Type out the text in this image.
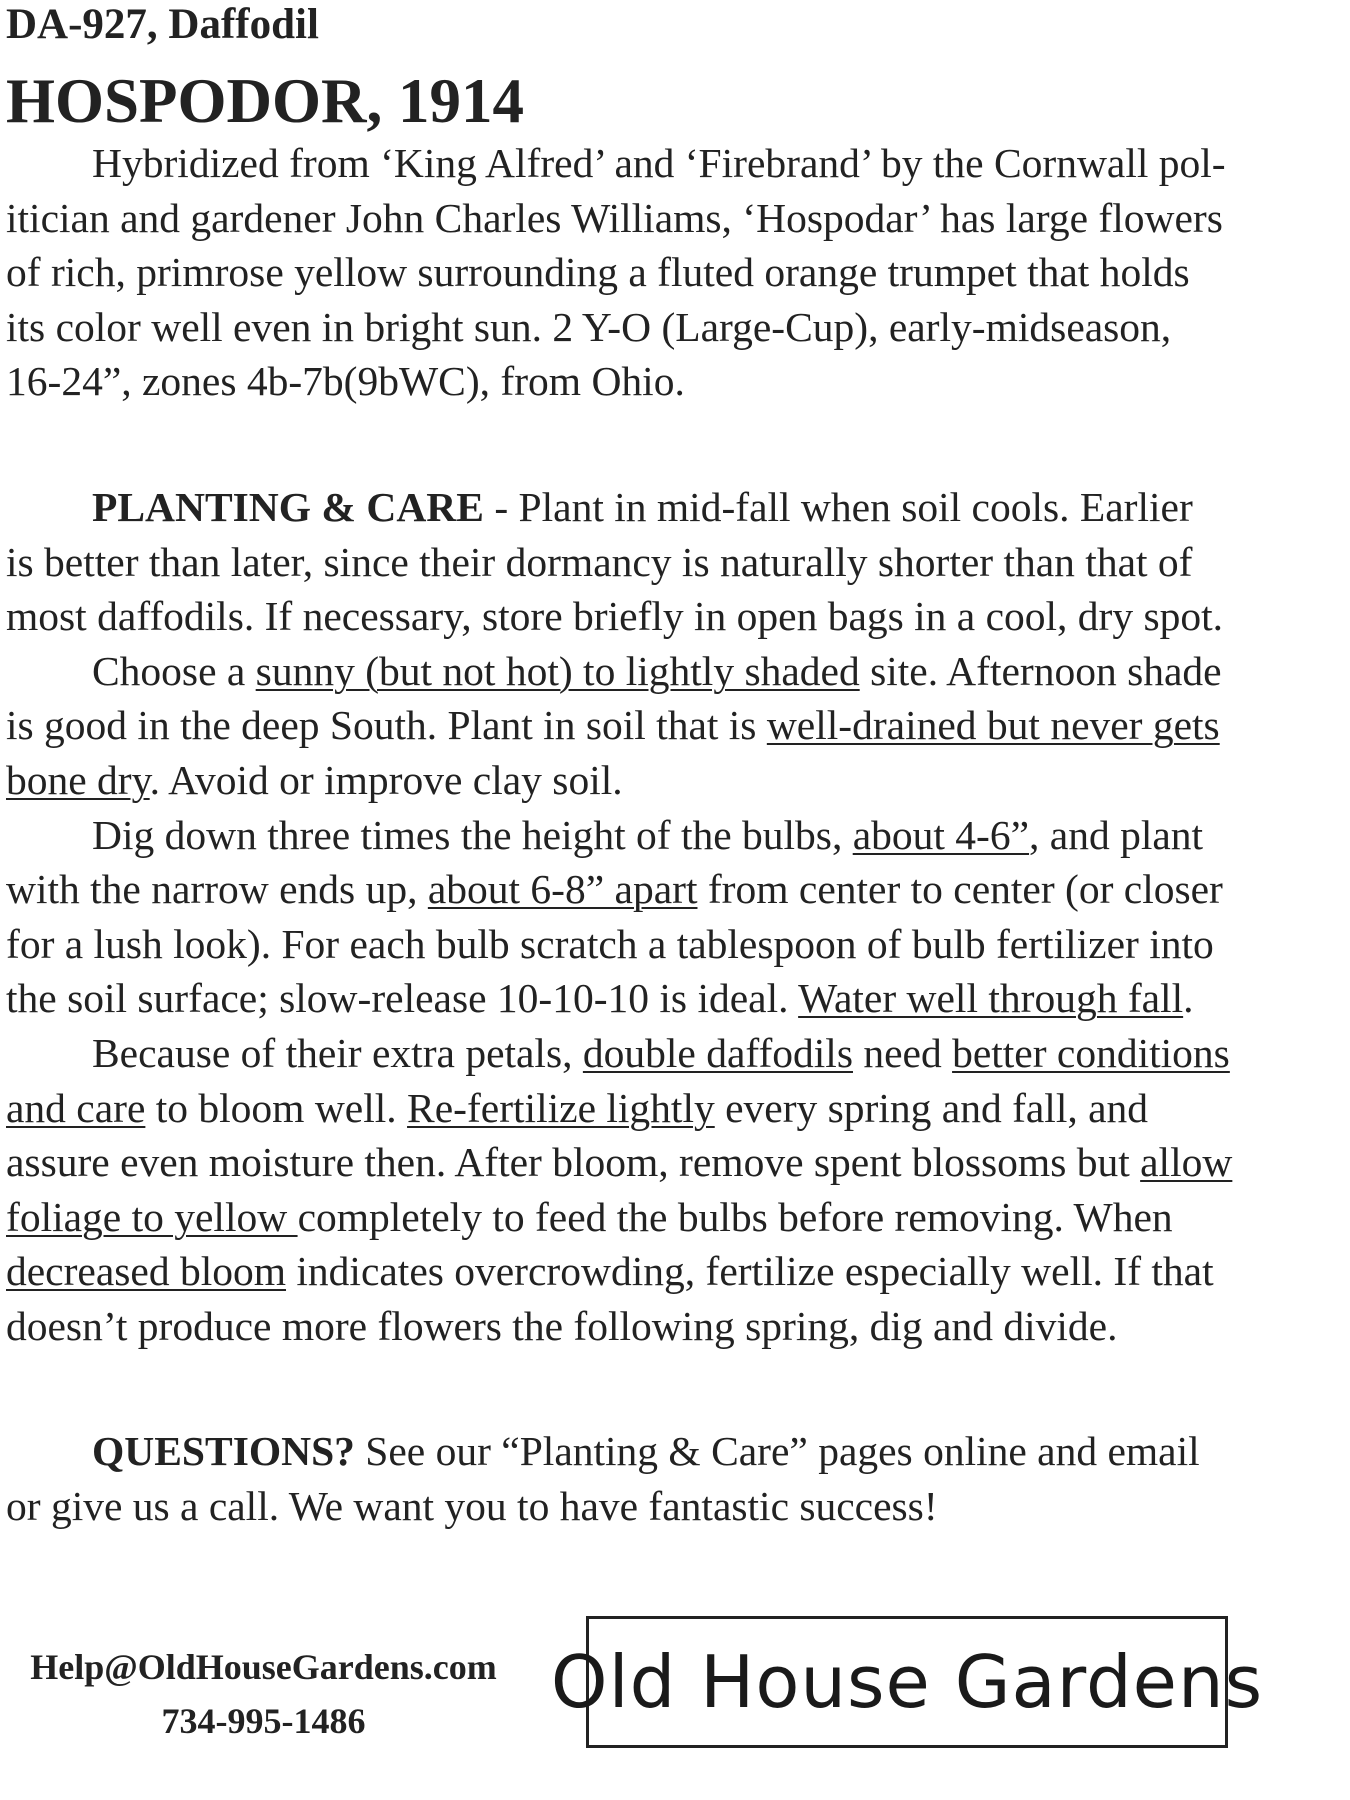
DA-927, Daffodil
HOSPODOR, 1914
Hybridized from ‘King Alfred’ and ‘Firebrand’ by the Cornwall pol-
itician and gardener John Charles Williams, ‘Hospodar’ has large flowers
of rich, primrose yellow surrounding a fluted orange trumpet that holds
its color well even in bright sun. 2 Y-O (Large-Cup), early-midseason,
16-24”, zones 4b-7b(9bWC), from Ohio.
PLANTING & CARE - Plant in mid-fall when soil cools. Earlier
is better than later, since their dormancy is naturally shorter than that of
most daffodils. If necessary, store briefly in open bags in a cool, dry spot.
Choose a sunny (but not hot) to lightly shaded site. Afternoon shade
is good in the deep South. Plant in soil that is well-drained but never gets
bone dry. Avoid or improve clay soil.
Dig down three times the height of the bulbs, about 4-6”, and plant
with the narrow ends up, about 6-8” apart from center to center (or closer
for a lush look). For each bulb scratch a tablespoon of bulb fertilizer into
the soil surface; slow-release 10-10-10 is ideal. Water well through fall.
Because of their extra petals, double daffodils need better conditions
and care to bloom well. Re-fertilize lightly every spring and fall, and
assure even moisture then. After bloom, remove spent blossoms but allow
foliage to yellow completely to feed the bulbs before removing. When
decreased bloom indicates overcrowding, fertilize especially well. If that
doesn’t produce more flowers the following spring, dig and divide.
QUESTIONS? See our “Planting & Care” pages online and email
or give us a call. We want you to have fantastic success!
Help@OldHouseGardens.com
734-995-1486	Old House Gardens
